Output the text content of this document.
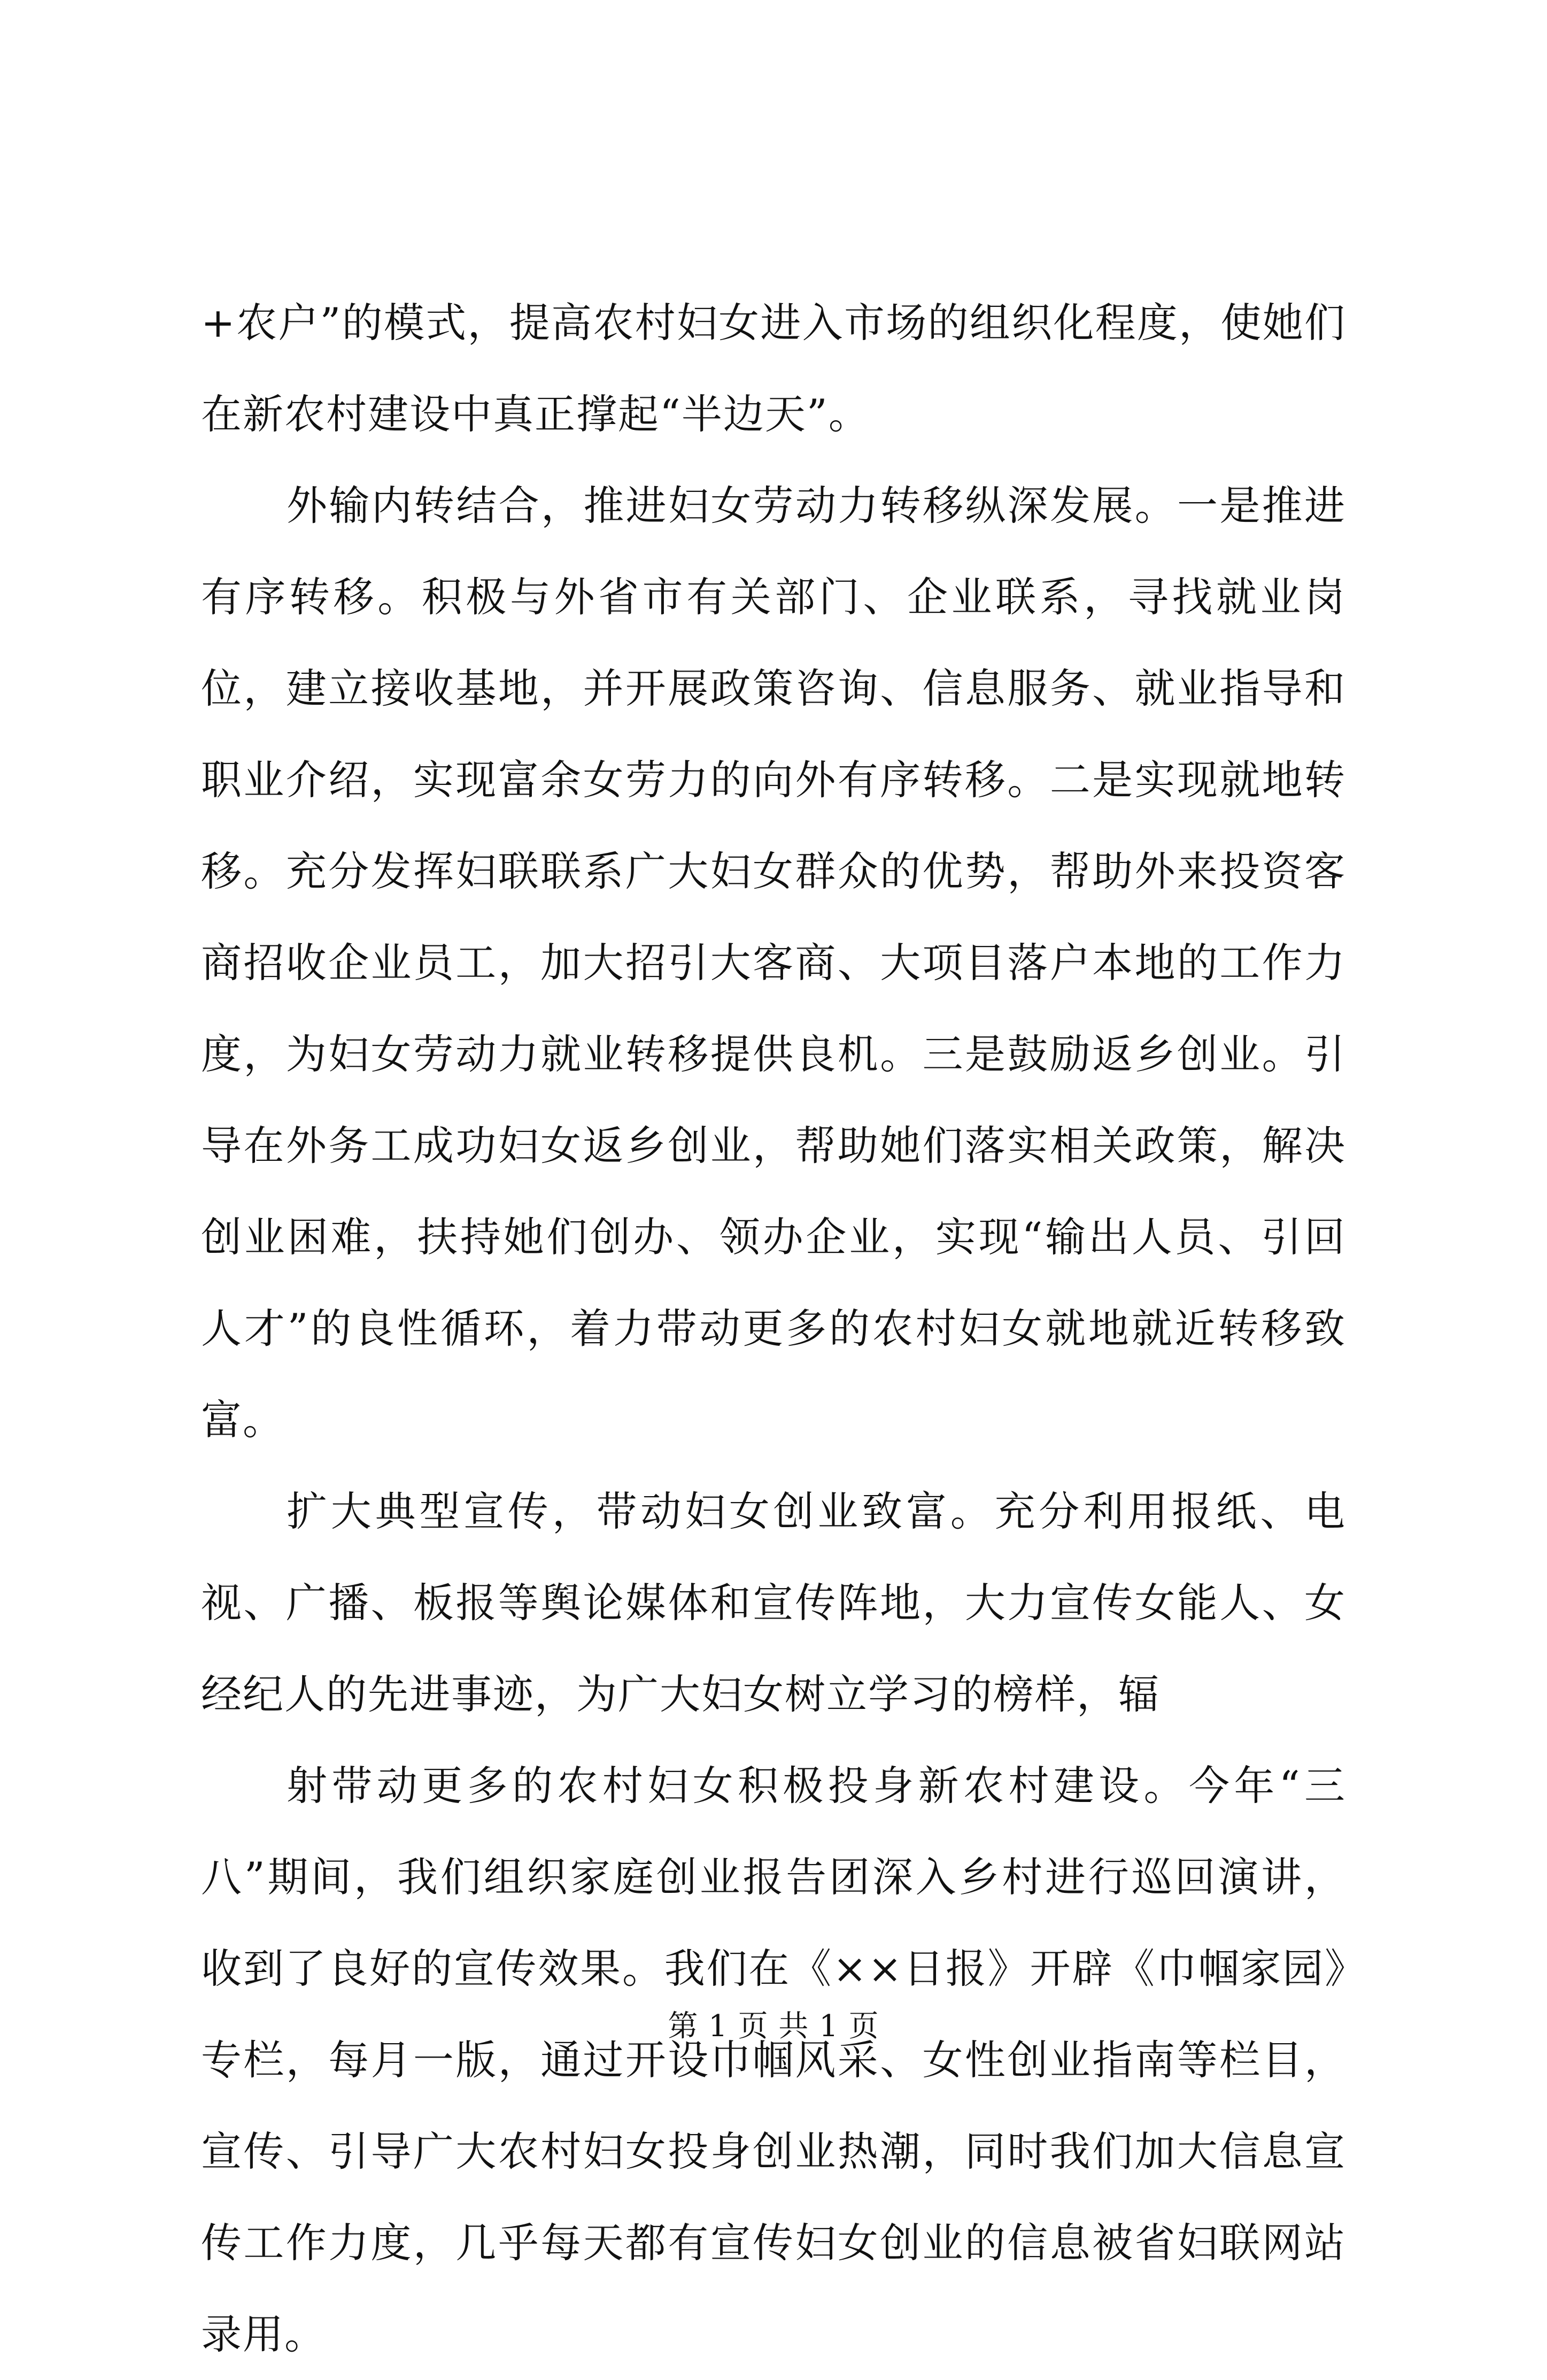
+农户”的模式，提高农村妇女进入市场的组织化程度，使她们在新农村建设中真正撑起“半边天”。

外输内转结合，推进妇女劳动力转移纵深发展。一是推进有序转移。积极与外省市有关部门、企业联系，寻找就业岗位，建立接收基地，并开展政策咨询、信息服务、就业指导和职业介绍，实现富余女劳力的向外有序转移。二是实现就地转移。充分发挥妇联联系广大妇女群众的优势，帮助外来投资客商招收企业员工，加大招引大客商、大项目落户本地的工作力度，为妇女劳动力就业转移提供良机。三是鼓励返乡创业。引导在外务工成功妇女返乡创业，帮助她们落实相关政策，解决创业困难，扶持她们创办、领办企业，实现“输出人员、引回人才”的良性循环，着力带动更多的农村妇女就地就近转移致富。

扩大典型宣传，带动妇女创业致富。充分利用报纸、电视、广播、板报等舆论媒体和宣传阵地，大力宣传女能人、女经纪人的先进事迹，为广大妇女树立学习的榜样，辐

射带动更多的农村妇女积极投身新农村建设。今年“三八”期间，我们组织家庭创业报告团深入乡村进行巡回演讲，收到了良好的宣传效果。我们在《××日报》开辟《巾帼家园》专栏，每月一版，通过开设巾帼风采、女性创业指南等栏目，宣传、引导广大农村妇女投身创业热潮，同时我们加大信息宣传工作力度，几乎每天都有宣传妇女创业的信息被省妇联网站录用。

第 1 页 共 1 页
